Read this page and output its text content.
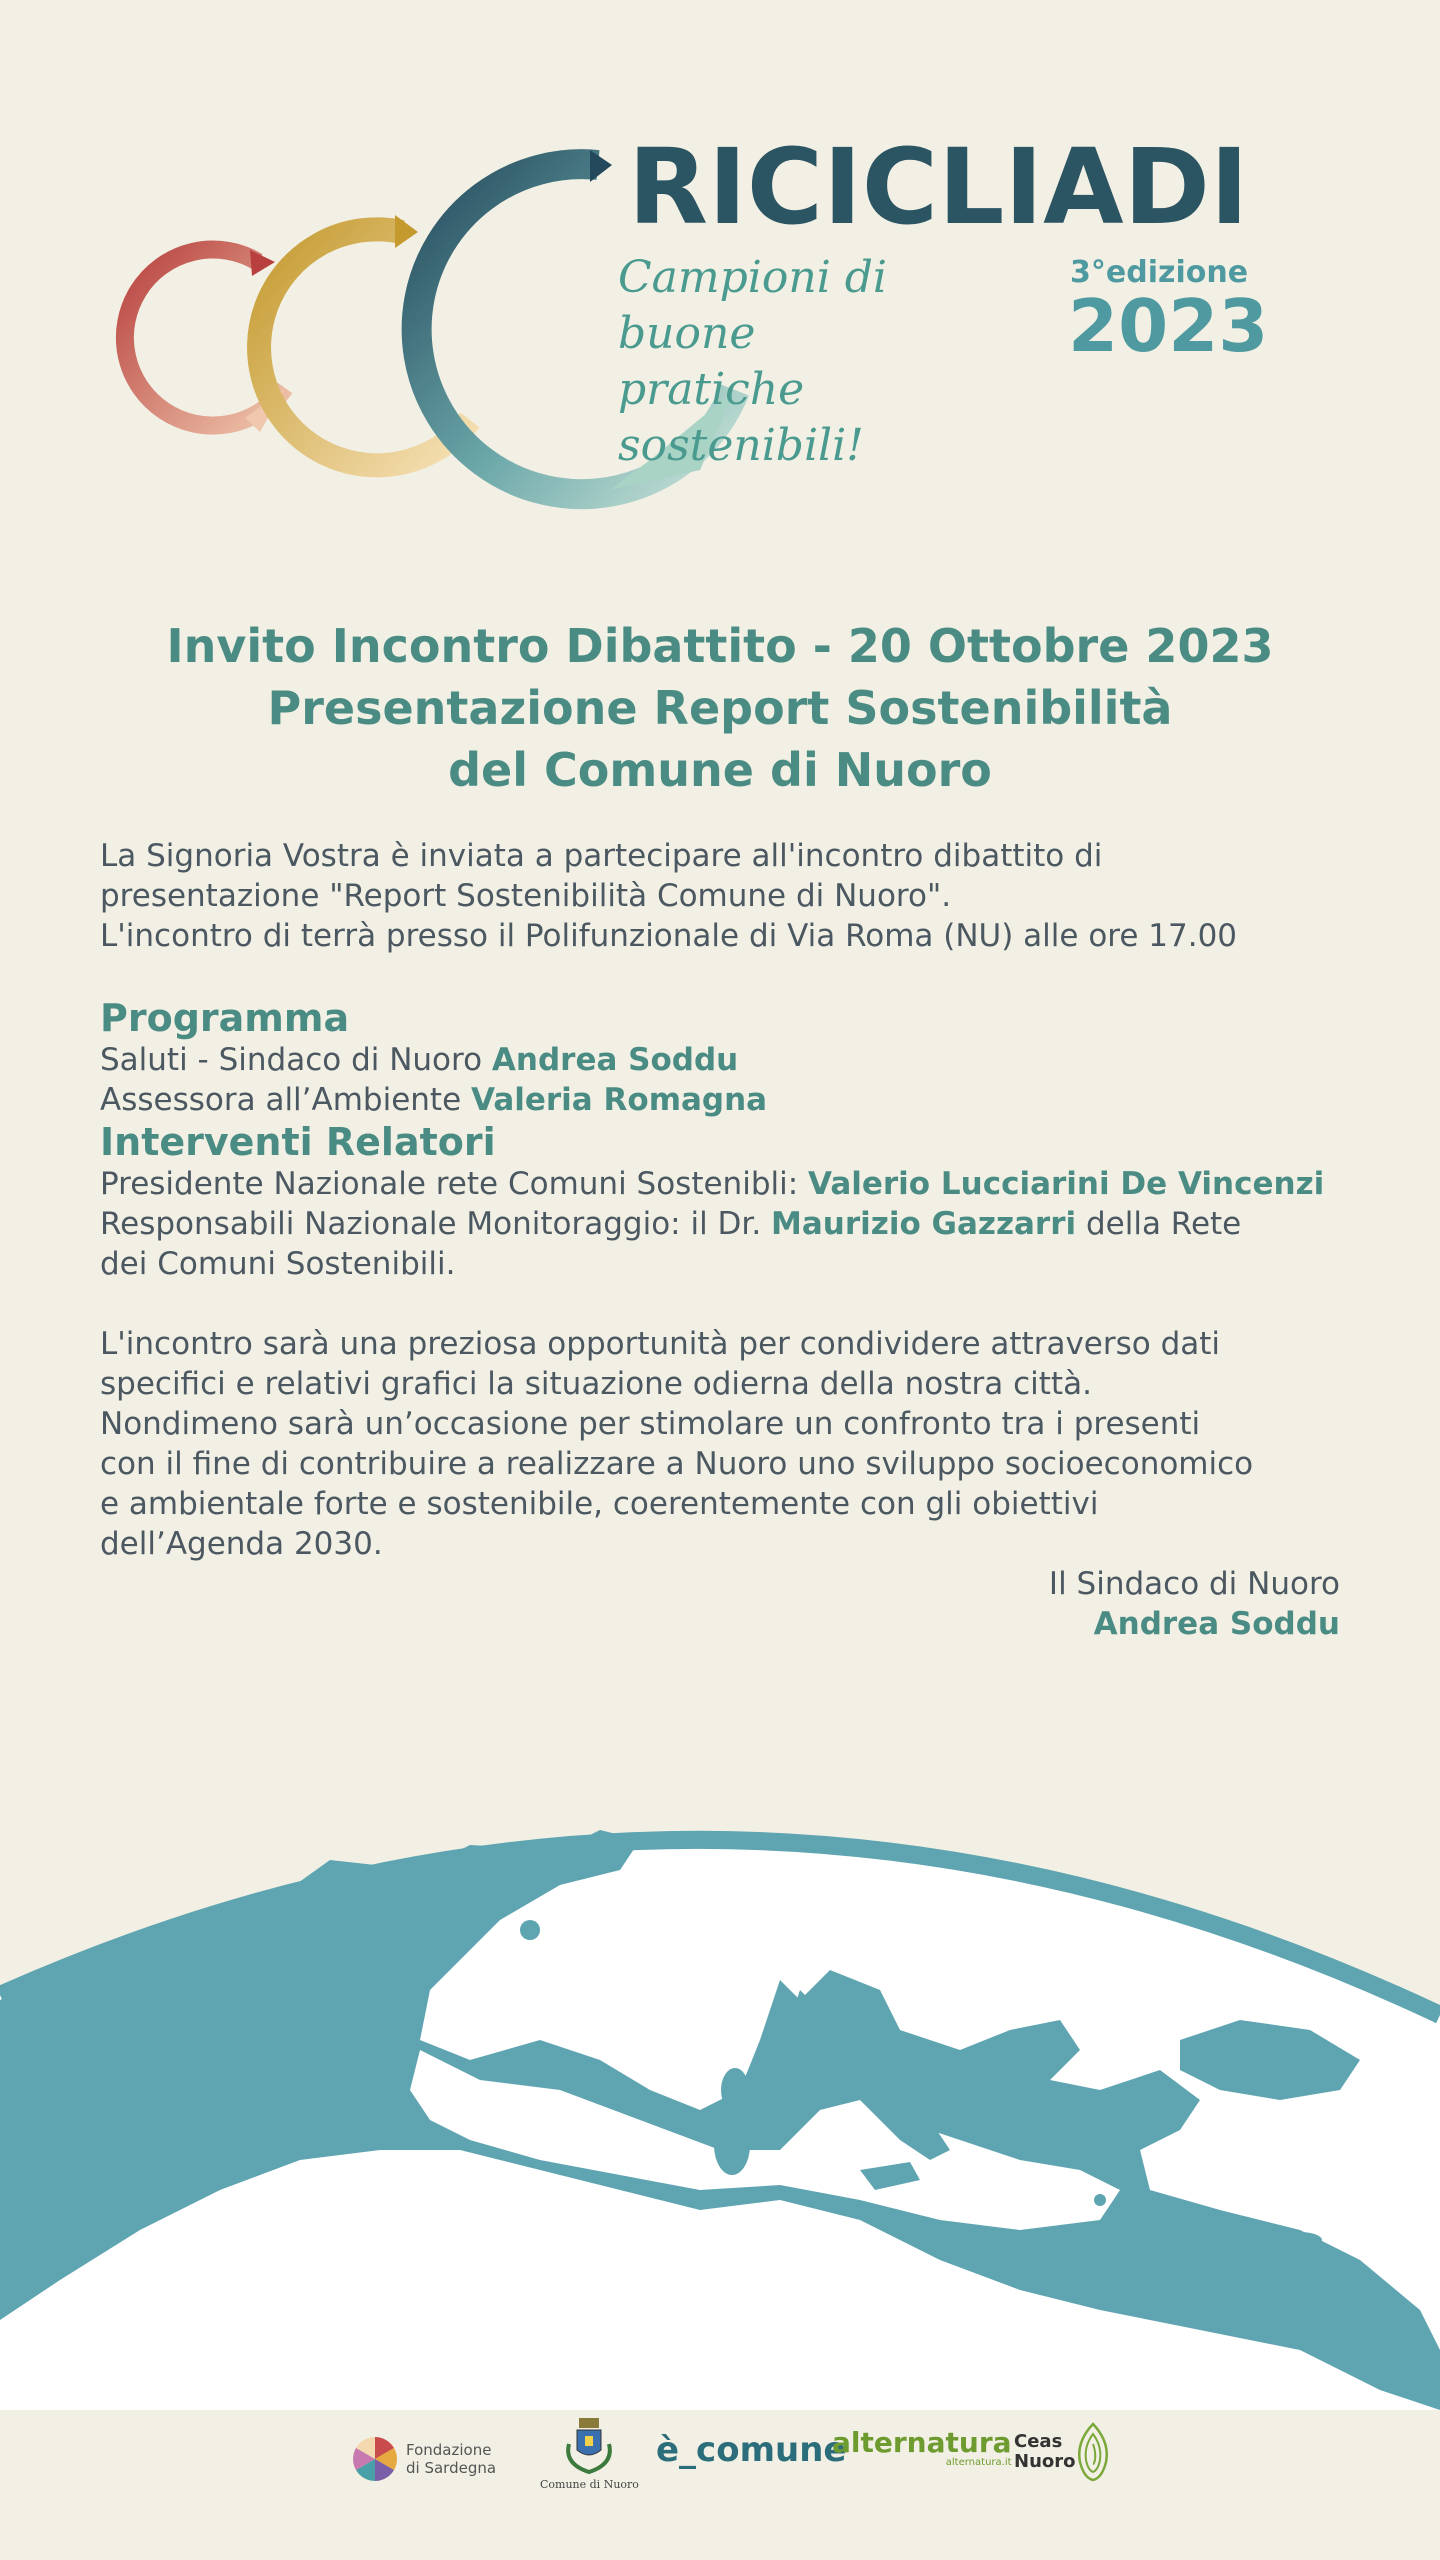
RICICLIADI
Campioni di buone
pratiche sostenibili!
3°edizione
2023
Invito Incontro Dibattito - 20 Ottobre 2023
Presentazione Report Sostenibilità
del Comune di Nuoro

La Signoria Vostra è inviata a partecipare all'incontro dibattito di

presentazione "Report Sostenibilità Comune di Nuoro".

L'incontro di terrà presso il Polifunzionale di Via Roma (NU) alle ore 17.00

Programma

Saluti - Sindaco di Nuoro Andrea Soddu

Assessora all’Ambiente Valeria Romagna

Interventi Relatori

Presidente Nazionale rete Comuni Sostenibli: Valerio Lucciarini De Vincenzi

Responsabili Nazionale Monitoraggio: il Dr. Maurizio Gazzarri della Rete

dei Comuni Sostenibili.

L'incontro sarà una preziosa opportunità per condividere attraverso dati

specifici e relativi grafici la situazione odierna della nostra città.

Nondimeno sarà un’occasione per stimolare un confronto tra i presenti

con il fine di contribuire a realizzare a Nuoro uno sviluppo socioeconomico

e ambientale forte e sostenibile, coerentemente con gli obiettivi

dell’Agenda 2030.

Il Sindaco di Nuoro

Andrea Soddu

Fondazione
di Sardegna
Comune di Nuoro
è_comune
alternatura
alternatura.it
Ceas
Nuoro
